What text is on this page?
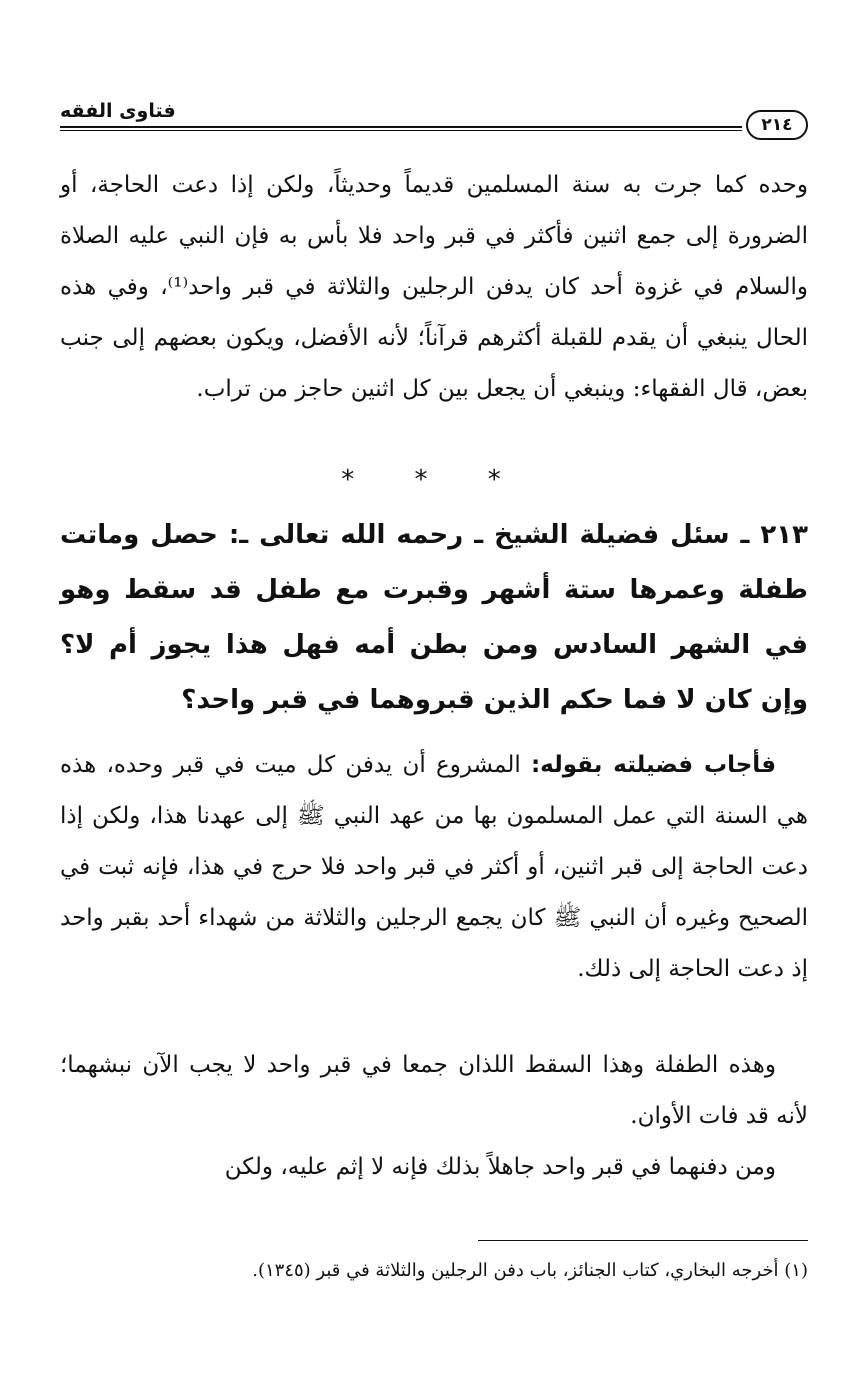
فتاوى الفقه
٢١٤
وحده كما جرت به سنة المسلمين قديماً وحديثاً، ولكن إذا دعت الحاجة، أو الضرورة إلى جمع اثنين فأكثر في قبر واحد فلا بأس به فإن النبي عليه الصلاة والسلام في غزوة أحد كان يدفن الرجلين والثلاثة في قبر واحد⁽¹⁾، وفي هذه الحال ينبغي أن يقدم للقبلة أكثرهم قرآناً؛ لأنه الأفضل، ويكون بعضهم إلى جنب بعض، قال الفقهاء: وينبغي أن يجعل بين كل اثنين حاجز من تراب.
* * *
٢١٣ ـ سئل فضيلة الشيخ ـ رحمه الله تعالى ـ: حصل وماتت طفلة وعمرها ستة أشهر وقبرت مع طفل قد سقط وهو في الشهر السادس ومن بطن أمه فهل هذا يجوز أم لا؟ وإن كان لا فما حكم الذين قبروهما في قبر واحد؟
فأجاب فضيلته بقوله: المشروع أن يدفن كل ميت في قبر وحده، هذه هي السنة التي عمل المسلمون بها من عهد النبي ﷺ إلى عهدنا هذا، ولكن إذا دعت الحاجة إلى قبر اثنين، أو أكثر في قبر واحد فلا حرج في هذا، فإنه ثبت في الصحيح وغيره أن النبي ﷺ كان يجمع الرجلين والثلاثة من شهداء أحد بقبر واحد إذ دعت الحاجة إلى ذلك.
وهذه الطفلة وهذا السقط اللذان جمعا في قبر واحد لا يجب الآن نبشهما؛ لأنه قد فات الأوان.
ومن دفنهما في قبر واحد جاهلاً بذلك فإنه لا إثم عليه، ولكن
(١) أخرجه البخاري، كتاب الجنائز، باب دفن الرجلين والثلاثة في قبر (١٣٤٥).
